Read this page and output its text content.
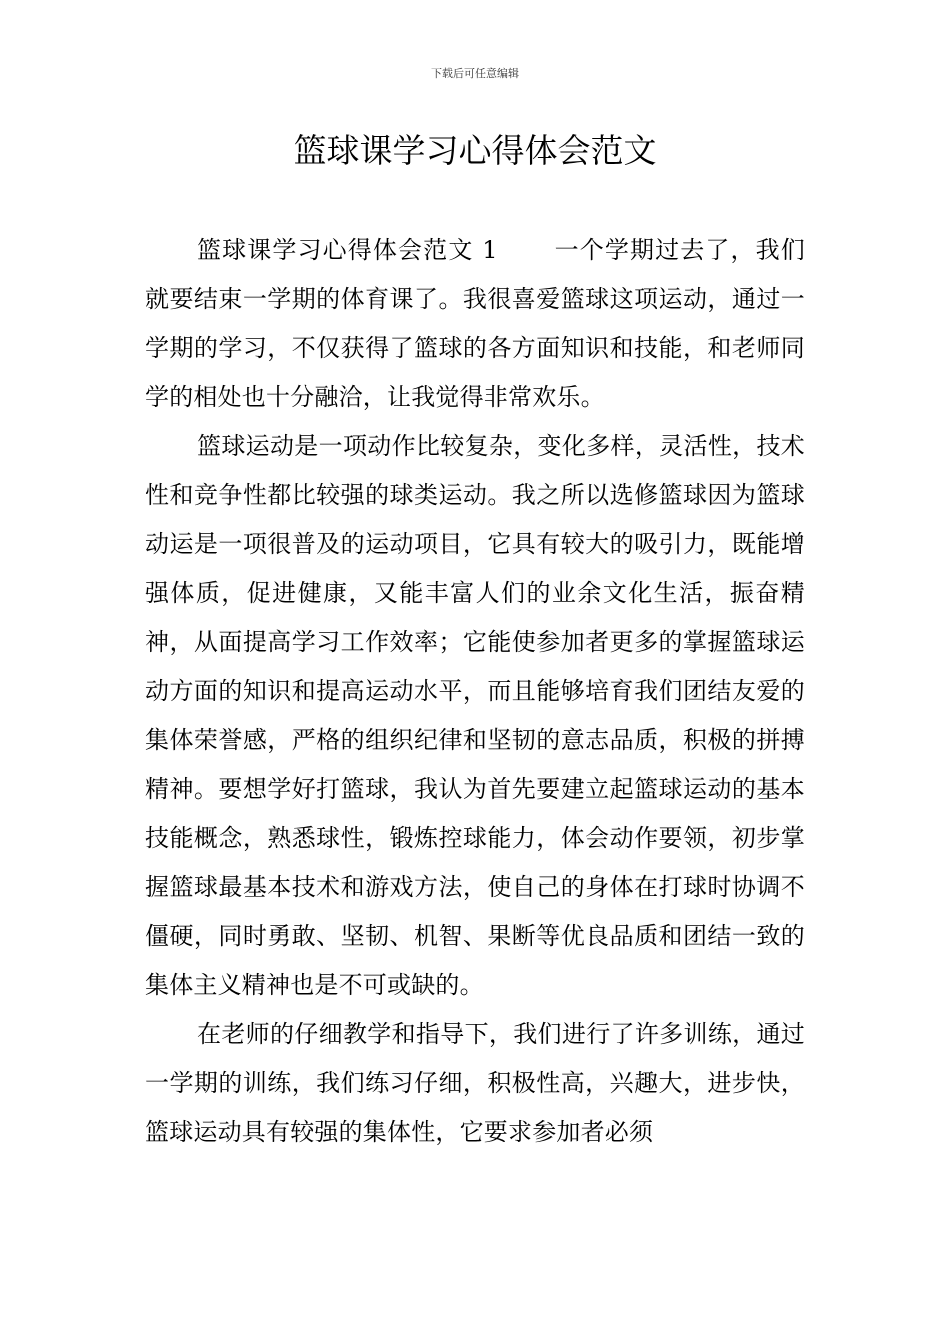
下载后可任意编辑
篮球课学习心得体会范文

篮球课学习心得体会范文 1 一个学期过去了，我们就要结束一学期的体育课了。我很喜爱篮球这项运动，通过一学期的学习，不仅获得了篮球的各方面知识和技能，和老师同学的相处也十分融洽，让我觉得非常欢乐。

篮球运动是一项动作比较复杂，变化多样，灵活性，技术性和竞争性都比较强的球类运动。我之所以选修篮球因为篮球动运是一项很普及的运动项目，它具有较大的吸引力，既能增强体质，促进健康，又能丰富人们的业余文化生活，振奋精神，从面提高学习工作效率；它能使参加者更多的掌握篮球运动方面的知识和提高运动水平，而且能够培育我们团结友爱的集体荣誉感，严格的组织纪律和坚韧的意志品质，积极的拼搏精神。要想学好打篮球，我认为首先要建立起篮球运动的基本技能概念，熟悉球性，锻炼控球能力，体会动作要领，初步掌握篮球最基本技术和游戏方法，使自己的身体在打球时协调不僵硬，同时勇敢、坚韧、机智、果断等优良品质和团结一致的集体主义精神也是不可或缺的。

在老师的仔细教学和指导下，我们进行了许多训练，通过一学期的训练，我们练习仔细，积极性高，兴趣大，进步快，篮球运动具有较强的集体性，它要求参加者必须
